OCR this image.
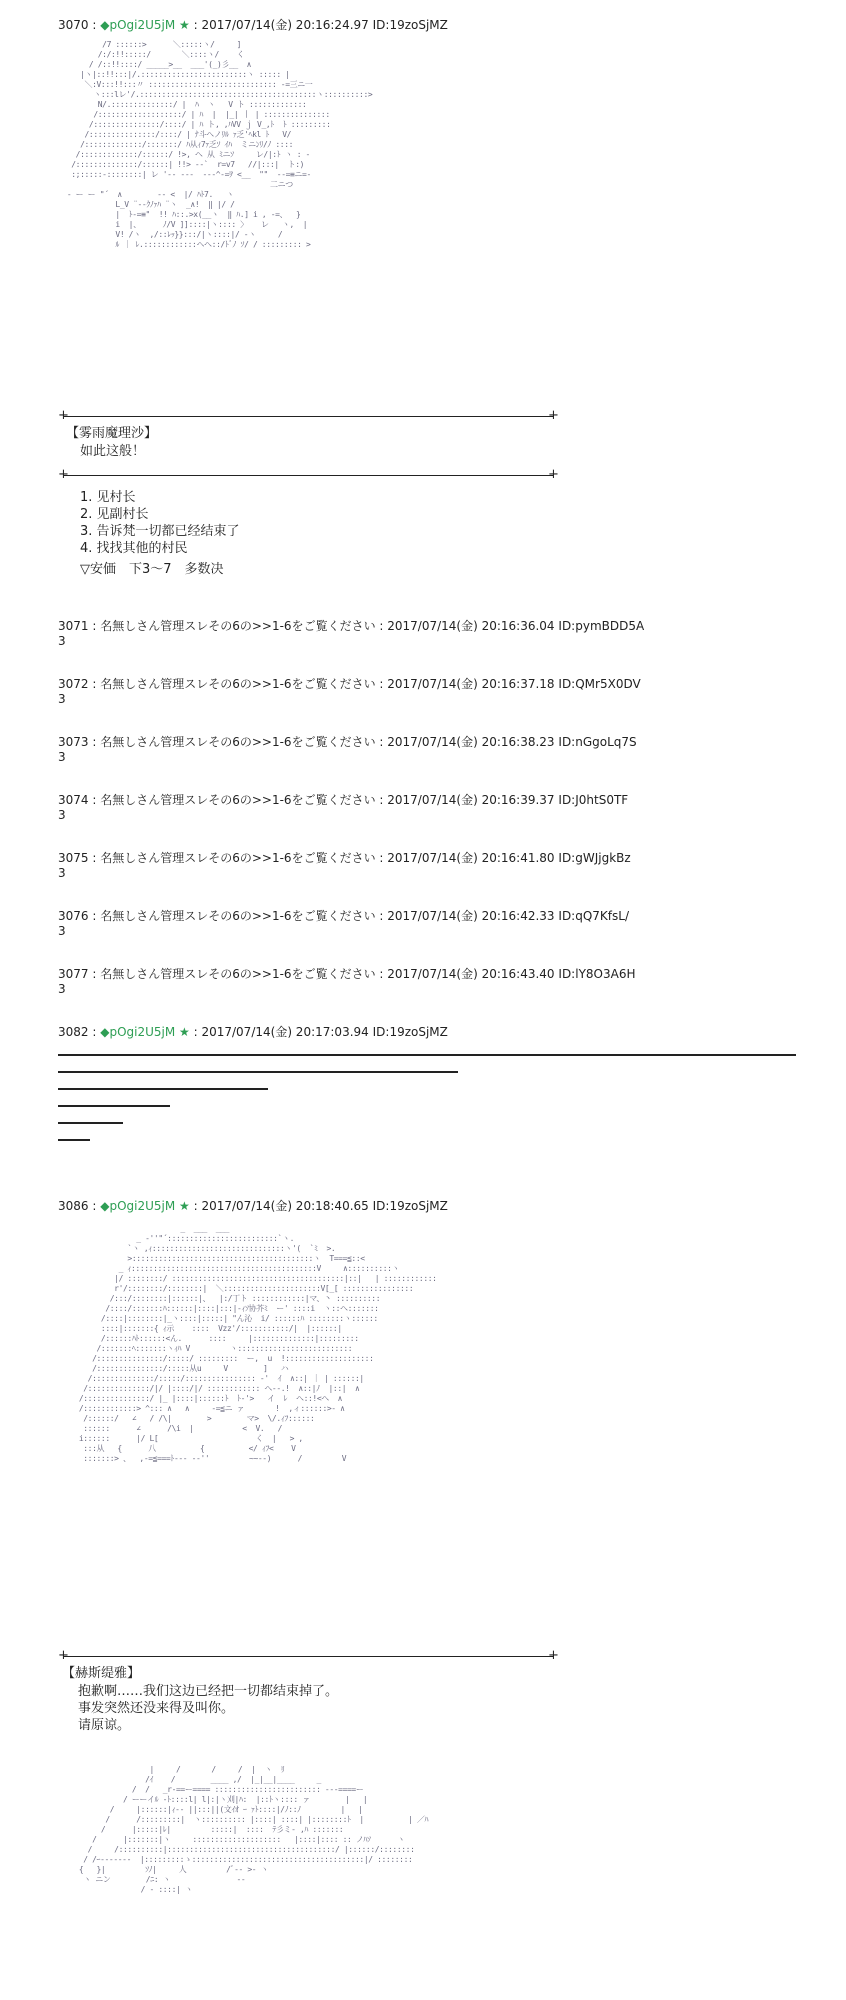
3070 : ◆pOgi2U5jM ★ : 2017/07/14(金) 20:16:24.97 ID:19zoSjMZ
/7 ::::::>      ＼:::::ヽ/     ]
/:/:!!:::::/       ＼::::ヽ/    く
/ /::!!::::/ _____>__  ___'(_)彡__  ∧
|ヽ|::!!:::|/.::::::::::::::::::::::::ヽ ::::: |
＼:V:::!!:::〃 ::::::::::::::::::::::::::::: -=三ニ一
ヽ:::lレ'/.::::::::::::::::::::::::::::::::::::::::ヽ::::::::::>
N/.::::::::::::::/ |  ﾊ  ヽ   V ト :::::::::::::
/:::::::::::::::::::/ | ﾊ  |  |_| 丨 | :::::::::::::::
/:::::::::::::::/::::/ | ﾊ ト, ,ﾊVV ｊ V_,ﾄ  ﾄ :::::::::
/:::::::::::::::/::::/ | ﾅ斗ヘノﾘﾙ ｧ乏'ﾍkl ﾄ   V/
/:::::::::::::/:::::::/ ﾊ从ｨ7ｧ乏ｿ ｲﾊ  ミニﾝﾘ/ﾉ ::::
/:::::::::::::/::::::/ !>, ヘ 从 ﾐニｿ     レ/|:ﾄ ヽ : -
/::::::::::::::/::::::| !!> --`  r=v7   //|:::|  ト:)
:;:::::-::::::::| レ '-- ---  ---^-=ｦ <__  ""  --=≡ニ=-
二ニつ
- ー ー "´  ∧        -- <  |/ ﾊﾄ7.   ヽ
L_V ¨--ｸﾉｧﾊ ¨ヽ  _∧!  ‖ |/ /
|  ﾄ-=≡"  !! ﾊ::.>x(__ヽ  ‖ ﾊ.] i , -=、  }
i  |、     ﾉ/V ]]::::|ヽ:::: 〉   レ   ヽ,  |
V! /ヽ  ,/::ﾚｯ}}:::/|ヽ::::|/ -ヽ     /
ﾙ ｜ ﾚ.::::::::::::ヘヘ::/ﾄﾞﾉ ｿ/ / ::::::::: >

+	+
【雾雨魔理沙】
如此这般！
+	+
1. 见村长
2. 见副村长
3. 告诉梵一切都已经结束了
4. 找找其他的村民
▽安価　下3～7　多数决
3071 : 名無しさん管理スレその6の>>1-6をご覧ください : 2017/07/14(金) 20:16:36.04 ID:pymBDD5A
3
3072 : 名無しさん管理スレその6の>>1-6をご覧ください : 2017/07/14(金) 20:16:37.18 ID:QMr5X0DV
3
3073 : 名無しさん管理スレその6の>>1-6をご覧ください : 2017/07/14(金) 20:16:38.23 ID:nGgoLq7S
3
3074 : 名無しさん管理スレその6の>>1-6をご覧ください : 2017/07/14(金) 20:16:39.37 ID:J0htS0TF
3
3075 : 名無しさん管理スレその6の>>1-6をご覧ください : 2017/07/14(金) 20:16:41.80 ID:gWJjgkBz
3
3076 : 名無しさん管理スレその6の>>1-6をご覧ください : 2017/07/14(金) 20:16:42.33 ID:qQ7KfsL/
3
3077 : 名無しさん管理スレその6の>>1-6をご覧ください : 2017/07/14(金) 20:16:43.40 ID:lY8O3A6H
3
3082 : ◆pOgi2U5jM ★ : 2017/07/14(金) 20:17:03.94 ID:19zoSjMZ
3086 : ◆pOgi2U5jM ★ : 2017/07/14(金) 20:18:40.65 ID:19zoSjMZ
_  ___  ___
_ -''"´:::::::::::::::::::::::::`ヽ.
`ヽ ,ｨ::::::::::::::::::::::::::::::ヽ'(  `ﾐ  >.
>:::::::::::::::::::::::::::::::::::::::::ヽ  T===≦::<
_ ｨ::::::::::::::::::::::::::::::::::::::::::V     ∧::::::::::ヽ
|/ ::::::::/ :::::::::::::::::::::::::::::::::::::::|::|   | ::::::::::::
r'/::::::::/::::::::|  ＼::::::::::::::::::::::V[_[ ::::::::::::::::
/:::/::::::::|::::::|、  |:/丁ト ::::::::::::|マ、丶 ::::::::::
/::::/:::::::ﾊ::::::|::::|:::|-ｨｿ协芥ﾐ  ー' ::::i  ヽ::ヘ:::::::
/::::|::::::::|_ヽ::::|:::::| "ん沁  i/ ::::::ﾊ ::::::::ヽ::::::
::::|:::::::{ ｨ示    ::::  Vzz'/:::::::::::/|  |::::::|
/::::::ﾊﾄ::::::<ん.      ::::     |::::::::::::::|:::::::::
/:::::::ﾍ:::::::ヽｨﾊ V         ヽ::::::::::::::::::::::::::
/:::::::::::::::/:::::/ :::::::::  ー,  u  !::::::::::::::::::::
/:::::::::::::::/:::::从u     V        ]   ハ
/::::::::::::::/:::::/:::::::::::::::: -'  ｲ  ∧::| ｜ | ::::::|
/::::::::::::::/|/ |::::/|/ :::::::::::: ヘ--.!  ∧::|ﾉ  |::|  ∧
/:::::::::::::::/ |_ |::::|::::::ﾄ  ﾄ-'>   イ  ﾚ  ヘ::!<ヘ  ∧
/::::::::::::> ^::: ∧   ∧     -=≦ニ ァ       !  ,ィ::::::>- ∧
/::::::/   ∠   / /\|        >        マ>  \/.ｨﾌ::::::
::::::      ∠      /\i  |           <  V.   /
i::::::      |/ L[                      く  |   > ,
:::从   {      八          {          </ ｨﾌ<    V
:::::::> 、  ,-=≦===ﾄ--- --''         ~~--)      /         V

+	+
【赫斯缇雅】
抱歉啊……我们这边已经把一切都结束掉了。
事发突然还没来得及叫你。
请原谅。
|     /       /     /  |  ヽ  ﾘ
/ｲ    /        ____ ,/  |_|__|____     _
/  /   _r-==ー==== :::::::::::::::::::::::: ---====ー
/ ーーイﾙ -ﾄ::::l| l|:|ヽ刈|ﾊ:  |::ﾄヽ:::: ァ        |   |
/     |::::::|ｨ-- ||:::||(文ｲｵ ｰ ｧﾄ::::|/ﾉ::ﾉ         |   |
/      /:::::::::|  ヽ:::::::::: |::::| ::::| |::::::::ﾄ  |          | ／ﾊ
/      |:::::|ﾚ|         :::::|  ::::  ﾃ彡ミ- ,ﾊ :::::::
/      |:::::::|ヽ     ::::::::::::::::::::   |::::|:::: :: ノﾊｿ      ヽ
/     /::::::::::|::::::::::::::::::::::::::::::::::::::/ |::::::/::::::::
/ /ｰ-------  |:::::::::ゝ:::::::::::::::::::::::::::::::::::::::|/ ::::::::
{   }|         ｿﾉ|     人         /ﾞ-- >- ヽ
ヽ ニン        /ﾆ: ヽ               --
/ - ::::| ヽ
